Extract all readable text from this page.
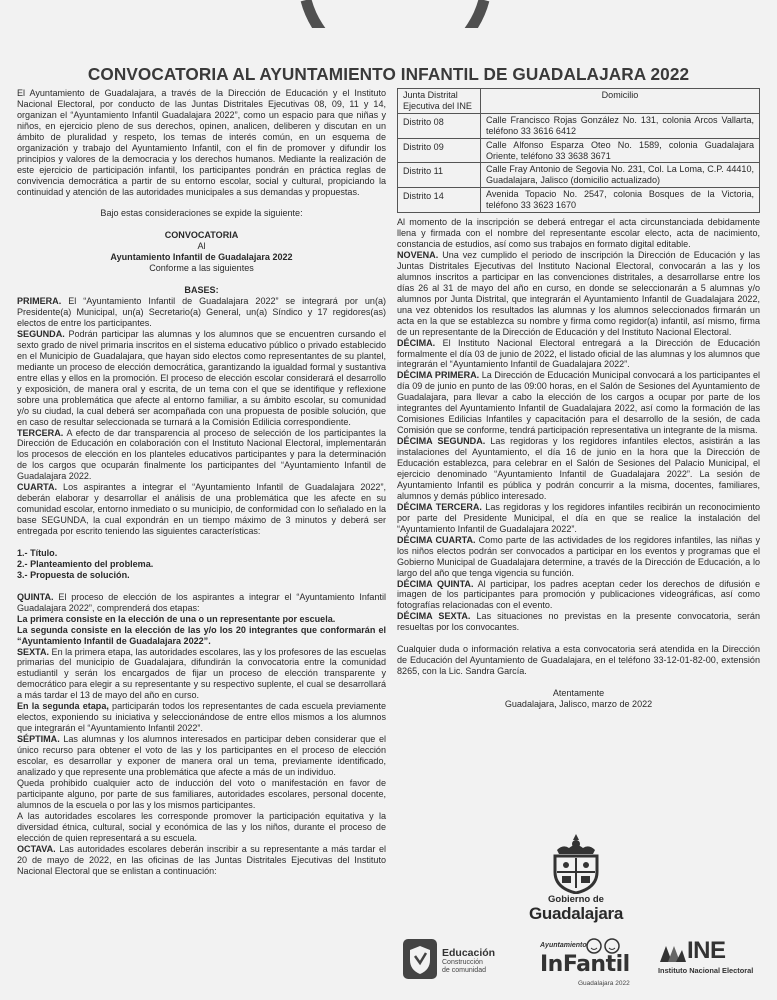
CONVOCATORIA AL AYUNTAMIENTO INFANTIL DE GUADALAJARA 2022

El Ayuntamiento de Guadalajara, a través de la Dirección de Educación y el Instituto Nacional Electoral, por conducto de las Juntas Distritales Ejecutivas 08, 09, 11 y 14, organizan el “Ayuntamiento Infantil Guadalajara 2022”, como un espacio para que niñas y niños, en ejercicio pleno de sus derechos, opinen, analicen, deliberen y discutan en un ámbito de pluralidad y respeto, los temas de interés común, en un esquema de organización y trabajo del Ayuntamiento Infantil, con el fin de promover y difundir los principios y valores de la democracia y los derechos humanos. Mediante la realización de este ejercicio de participación infantil, los participantes pondrán en práctica reglas de convivencia democrática a partir de su entorno escolar, social y cultural, propiciando la continuidad y atención de las autoridades municipales a sus demandas y propuestas.

Bajo estas consideraciones se expide la siguiente:

CONVOCATORIA

Al

Ayuntamiento Infantil de Guadalajara 2022

Conforme a las siguientes

BASES:

PRIMERA. El “Ayuntamiento Infantil de Guadalajara 2022” se integrará por un(a) Presidente(a) Municipal, un(a) Secretario(a) General, un(a) Síndico y 17 regidores(as) electos de entre los participantes.

SEGUNDA. Podrán participar las alumnas y los alumnos que se encuentren cursando el sexto grado de nivel primaria inscritos en el sistema educativo público o privado establecido en el Municipio de Guadalajara, que hayan sido electos como representantes de su plantel, mediante un proceso de elección democrática, garantizando la igualdad formal y sustantiva entre ellas y ellos en la promoción. El proceso de elección escolar considerará el desarrollo y exposición, de manera oral y escrita, de un tema con el que se identifique y reflexione sobre una problemática que afecte al entorno familiar, a su ámbito escolar, su comunidad y/o su ciudad, la cual deberá ser acompañada con una propuesta de posible solución, que en caso de resultar seleccionada se turnará a la Comisión Edilicia correspondiente.

TERCERA. A efecto de dar transparencia al proceso de selección de los participantes la Dirección de Educación en colaboración con el Instituto Nacional Electoral, implementarán los procesos de elección en los planteles educativos participantes y para la determinación de los cargos que ocuparán finalmente los participantes del “Ayuntamiento Infantil de Guadalajara 2022.

CUARTA. Los aspirantes a integrar el “Ayuntamiento Infantil de Guadalajara 2022”, deberán elaborar y desarrollar el análisis de una problemática que les afecte en su comunidad escolar, entorno inmediato o su municipio, de conformidad con lo señalado en la base SEGUNDA, la cual expondrán en un tiempo máximo de 3 minutos y deberá ser entregada por escrito teniendo las siguientes características:

1.- Título.

2.- Planteamiento del problema.

3.- Propuesta de solución.

QUINTA. El proceso de elección de los aspirantes a integrar el “Ayuntamiento Infantil Guadalajara 2022”, comprenderá dos etapas:

La primera consiste en la elección de una o un representante por escuela.

La segunda consiste en la elección de las y/o los 20 integrantes que conformarán el “Ayuntamiento Infantil de Guadalajara 2022”.

SEXTA. En la primera etapa, las autoridades escolares, las y los profesores de las escuelas primarias del municipio de Guadalajara, difundirán la convocatoria entre la comunidad estudiantil y serán los encargados de fijar un proceso de elección transparente y democrático para elegir a su representante y su respectivo suplente, el cual se desarrollará a más tardar el 13 de mayo del año en curso.

En la segunda etapa, participarán todos los representantes de cada escuela previamente electos, exponiendo su iniciativa y seleccionándose de entre ellos mismos a los alumnos que integrarán el “Ayuntamiento Infantil 2022”.

SÉPTIMA. Las alumnas y los alumnos interesados en participar deben considerar que el único recurso para obtener el voto de las y los participantes en el proceso de elección escolar, es desarrollar y exponer de manera oral un tema, previamente identificado, analizado y que represente una problemática que afecte a más de un individuo.

Queda prohibido cualquier acto de inducción del voto o manifestación en favor de participante alguno, por parte de sus familiares, autoridades escolares, personal docente, alumnos de la escuela o por las y los mismos participantes.

A las autoridades escolares les corresponde promover la participación equitativa y la diversidad étnica, cultural, social y económica de las y los niños, durante el proceso de elección de quien representará a su escuela.

OCTAVA. Las autoridades escolares deberán inscribir a su representante a más tardar el 20 de mayo de 2022, en las oficinas de las Juntas Distritales Ejecutivas del Instituto Nacional Electoral que se enlistan a continuación:

Junta Distrital Ejecutiva del INE	Domicilio
Distrito 08	Calle Francisco Rojas González No. 131, colonia Arcos Vallarta, teléfono 33 3616 6412
Distrito 09	Calle Alfonso Esparza Oteo No. 1589, colonia Guadalajara Oriente, teléfono 33 3638 3671
Distrito 11	Calle Fray Antonio de Segovia No. 231, Col. La Loma, C.P. 44410, Guadalajara, Jalisco (domicilio actualizado)
Distrito 14	Avenida Topacio No. 2547, colonia Bosques de la Victoria, teléfono 33 3623 1670

Al momento de la inscripción se deberá entregar el acta circunstanciada debidamente llena y firmada con el nombre del representante escolar electo, acta de nacimiento, constancia de estudios, así como sus trabajos en formato digital editable.

NOVENA. Una vez cumplido el periodo de inscripción la Dirección de Educación y las Juntas Distritales Ejecutivas del Instituto Nacional Electoral, convocarán a las y los alumnos inscritos a participar en las convenciones distritales, a desarrollarse entre los días 26 al 31 de mayo del año en curso, en donde se seleccionarán a 5 alumnas y/o alumnos por Junta Distrital, que integrarán el Ayuntamiento Infantil de Guadalajara 2022, una vez obtenidos los resultados las alumnas y los alumnos seleccionados firmarán un acta en la que se establezca su nombre y firma como regidor(a) infantil, así mismo, firma de un representante de la Dirección de Educación y del Instituto Nacional Electoral.

DÉCIMA. El Instituto Nacional Electoral entregará a la Dirección de Educación formalmente el día 03 de junio de 2022, el listado oficial de las alumnas y los alumnos que integrarán el “Ayuntamiento Infantil de Guadalajara 2022”.

DÉCIMA PRIMERA. La Dirección de Educación Municipal convocará a los participantes el día 09 de junio en punto de las 09:00 horas, en el Salón de Sesiones del Ayuntamiento de Guadalajara, para llevar a cabo la elección de los cargos a ocupar por parte de los integrantes del Ayuntamiento Infantil de Guadalajara 2022, así como la formación de las Comisiones Edilicias Infantiles y capacitación para el desarrollo de la sesión, de cada Comisión que se conforme, tendrá participación representativa un integrante de la misma.

DÉCIMA SEGUNDA. Las regidoras y los regidores infantiles electos, asistirán a las instalaciones del Ayuntamiento, el día 16 de junio en la hora que la Dirección de Educación establezca, para celebrar en el Salón de Sesiones del Palacio Municipal, el ejercicio denominado “Ayuntamiento Infantil de Guadalajara 2022”. La sesión de Ayuntamiento Infantil es pública y podrán concurrir a la misma, docentes, familiares, alumnos y demás público interesado.

DÉCIMA TERCERA. Las regidoras y los regidores infantiles recibirán un reconocimiento por parte del Presidente Municipal, el día en que se realice la instalación del “Ayuntamiento Infantil de Guadalajara 2022”.

DÉCIMA CUARTA. Como parte de las actividades de los regidores infantiles, las niñas y los niños electos podrán ser convocados a participar en los eventos y programas que el Gobierno Municipal de Guadalajara determine, a través de la Dirección de Educación, a lo largo del año que tenga vigencia su función.

DÉCIMA QUINTA. Al participar, los padres aceptan ceder los derechos de difusión e imagen de los participantes para promoción y publicaciones videográficas, así como fotografías relacionadas con el evento.

DÉCIMA SEXTA. Las situaciones no previstas en la presente convocatoria, serán resueltas por los convocantes.

Cualquier duda o información relativa a esta convocatoria será atendida en la Dirección de Educación del Ayuntamiento de Guadalajara, en el teléfono 33-12-01-82-00, extensión 8265, con la Lic. Sandra García.

Atentamente

Guadalajara, Jalisco, marzo de 2022

Gobierno de
Guadalajara
Educación
Construcción
de comunidad
Ayuntamiento
InFantil
Guadalajara 2022
INE
Instituto Nacional Electoral
